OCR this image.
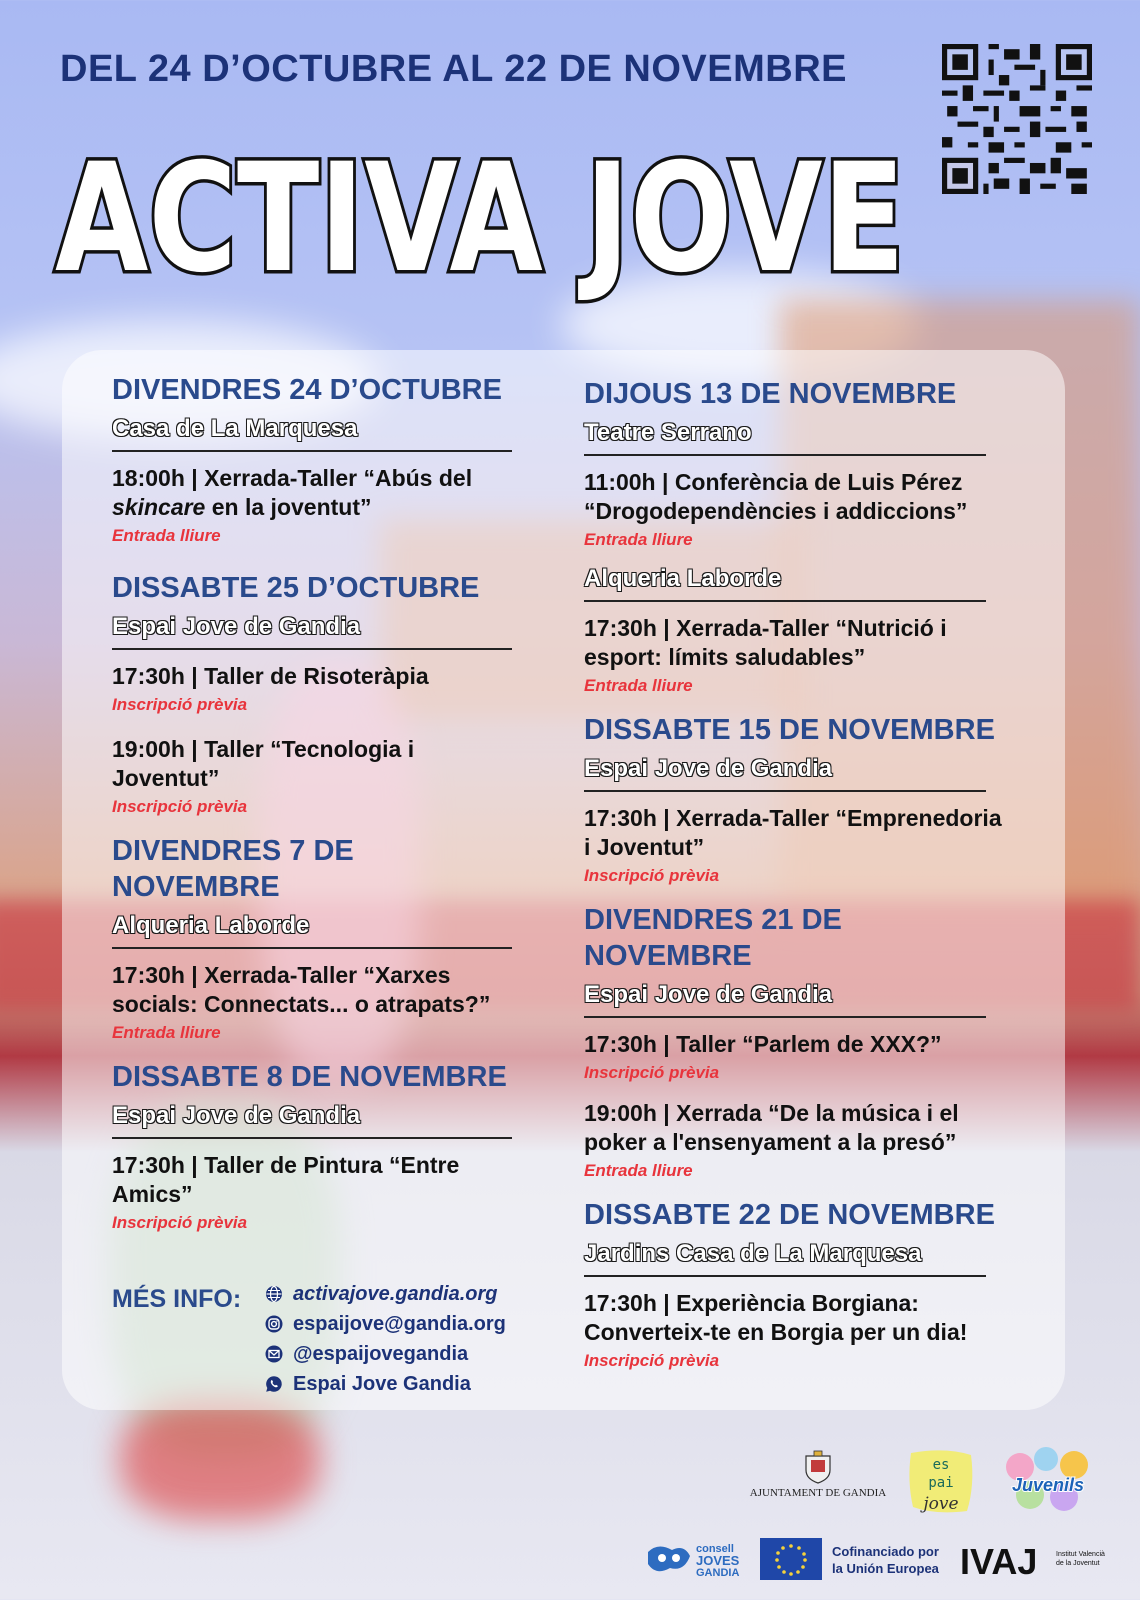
DEL 24 D’OCTUBRE AL 22 DE NOVEMBRE
ACTIVA JOVE
DIVENDRES 24 D’OCTUBRE
Casa de La Marquesa
18:00h | Xerrada-Taller “Abús del skincare en la joventut”
Entrada lliure
DISSABTE 25 D’OCTUBRE
Espai Jove de Gandia
17:30h | Taller de Risoteràpia
Inscripció prèvia
19:00h | Taller “Tecnologia i Joventut”
Inscripció prèvia
DIVENDRES 7 DE NOVEMBRE
Alqueria Laborde
17:30h | Xerrada-Taller “Xarxes socials: Connectats... o atrapats?”
Entrada lliure
DISSABTE 8 DE NOVEMBRE
Espai Jove de Gandia
17:30h | Taller de Pintura “Entre Amics”
Inscripció prèvia
DIJOUS 13 DE NOVEMBRE
Teatre Serrano
11:00h | Conferència de Luis Pérez “Drogodependències i addiccions”
Entrada lliure
Alqueria Laborde
17:30h | Xerrada-Taller “Nutrició i esport: límits saludables”
Entrada lliure
DISSABTE 15 DE NOVEMBRE
Espai Jove de Gandia
17:30h | Xerrada-Taller “Emprenedoria i Joventut”
Inscripció prèvia
DIVENDRES 21 DE NOVEMBRE
Espai Jove de Gandia
17:30h | Taller “Parlem de XXX?”
Inscripció prèvia
19:00h | Xerrada “De la música i el poker a l'ensenyament a la presó”
Entrada lliure
DISSABTE 22 DE NOVEMBRE
Jardins Casa de La Marquesa
17:30h | Experiència Borgiana: Converteix-te en Borgia per un dia!
Inscripció prèvia
MÉS INFO:	activajove.gandia.org
espaijove@gandia.org
@espaijovegandia
Espai Jove Gandia
AJUNTAMENT DE GANDIA
es
pai
jove
Juvenils
consell
JOVES
GANDIA
Cofinanciado por
la Unión Europea IVAJ	Institut Valencià
de la Joventut
